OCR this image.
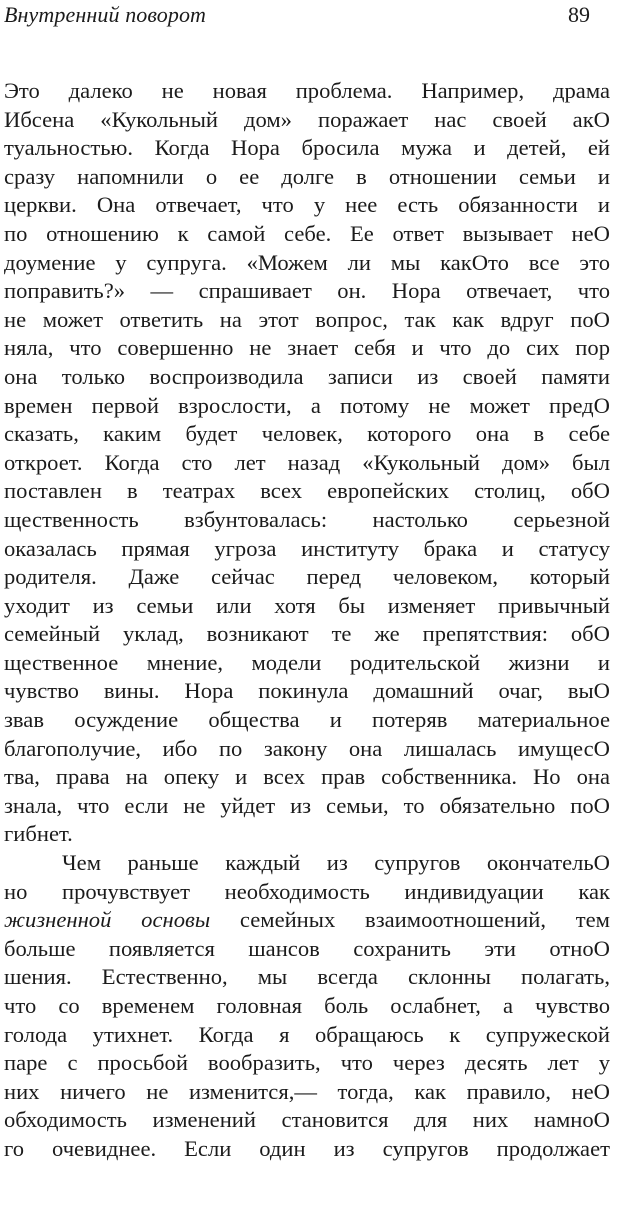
Внутренний поворот	89
Это далеко не новая проблема. Например, драма
Ибсена «Кукольный дом» поражает нас своей акО
туальностью. Когда Нора бросила мужа и детей, ей
сразу напомнили о ее долге в отношении семьи и
церкви. Она отвечает, что у нее есть обязанности и
по отношению к самой себе. Ее ответ вызывает неО
доумение у супруга. «Можем ли мы какОто все это
поправить?» — спрашивает он. Нора отвечает, что
не может ответить на этот вопрос, так как вдруг поО
няла, что совершенно не знает себя и что до сих пор
она только воспроизводила записи из своей памяти
времен первой взрослости, а потому не может предО
сказать, каким будет человек, которого она в себе
откроет. Когда сто лет назад «Кукольный дом» был
поставлен в театрах всех европейских столиц, обО
щественность взбунтовалась: настолько серьезной
оказалась прямая угроза институту брака и статусу
родителя. Даже сейчас перед человеком, который
уходит из семьи или хотя бы изменяет привычный
семейный уклад, возникают те же препятствия: обО
щественное мнение, модели родительской жизни и
чувство вины. Нора покинула домашний очаг, выО
звав осуждение общества и потеряв материальное
благополучие, ибо по закону она лишалась имущесО
тва, права на опеку и всех прав собственника. Но она
знала, что если не уйдет из семьи, то обязательно поО
гибнет.
Чем раньше каждый из супругов окончательО
но прочувствует необходимость индивидуации как
жизненной основы семейных взаимоотношений, тем
больше появляется шансов сохранить эти отноО
шения. Естественно, мы всегда склонны полагать,
что со временем головная боль ослабнет, а чувство
голода утихнет. Когда я обращаюсь к супружеской
паре с просьбой вообразить, что через десять лет у
них ничего не изменится,— тогда, как правило, неО
обходимость изменений становится для них намноО
го очевиднее. Если один из супругов продолжает
